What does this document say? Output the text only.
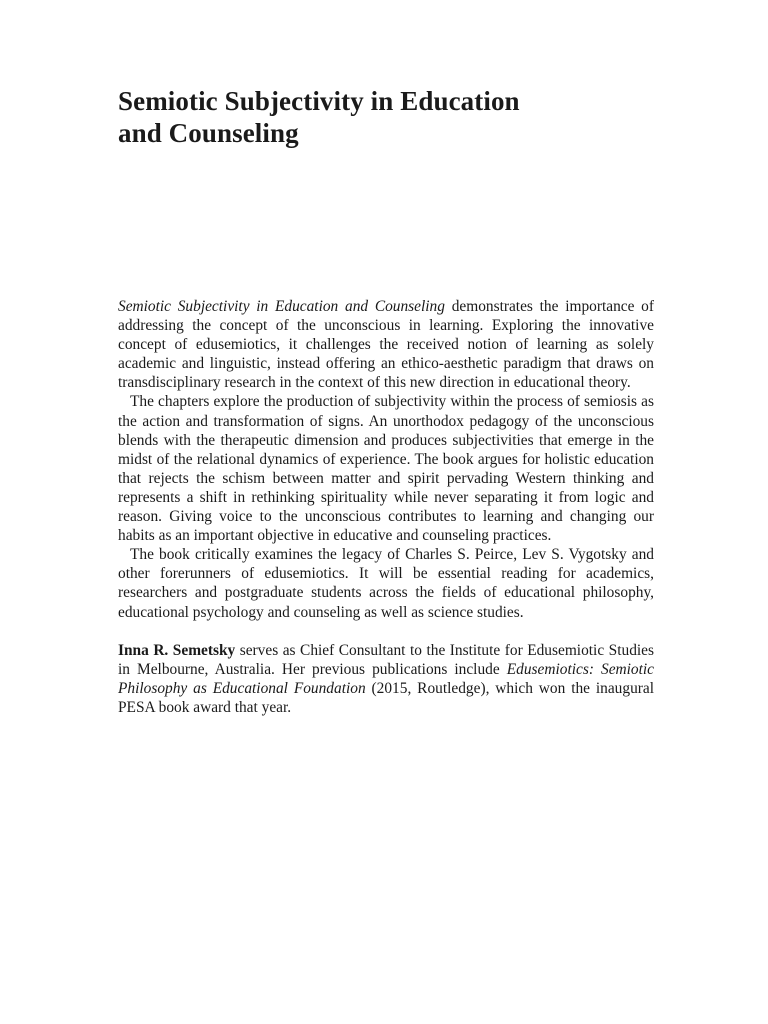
Semiotic Subjectivity in Education
and Counseling

Semiotic Subjectivity in Education and Counseling demonstrates the importance of addressing the concept of the unconscious in learning. Exploring the innovative concept of edusemiotics, it challenges the received notion of learning as solely academic and linguistic, instead offering an ethico-aesthetic paradigm that draws on transdisciplinary research in the context of this new direction in educational theory.

The chapters explore the production of subjectivity within the process of semiosis as the action and transformation of signs. An unorthodox pedagogy of the unconscious blends with the therapeutic dimension and produces subjectivities that emerge in the midst of the relational dynamics of experience. The book argues for holistic education that rejects the schism between matter and spirit pervading Western thinking and represents a shift in rethinking spirituality while never separating it from logic and reason. Giving voice to the unconscious contributes to learning and changing our habits as an important objective in educative and counseling practices.

The book critically examines the legacy of Charles S. Peirce, Lev S. Vygotsky and other forerunners of edusemiotics. It will be essential reading for academics, researchers and postgraduate students across the fields of educational philosophy, educational psychology and counseling as well as science studies.

Inna R. Semetsky serves as Chief Consultant to the Institute for Edusemiotic Studies in Melbourne, Australia. Her previous publications include Edusemiotics: Semiotic Philosophy as Educational Foundation (2015, Routledge), which won the inaugural PESA book award that year.
